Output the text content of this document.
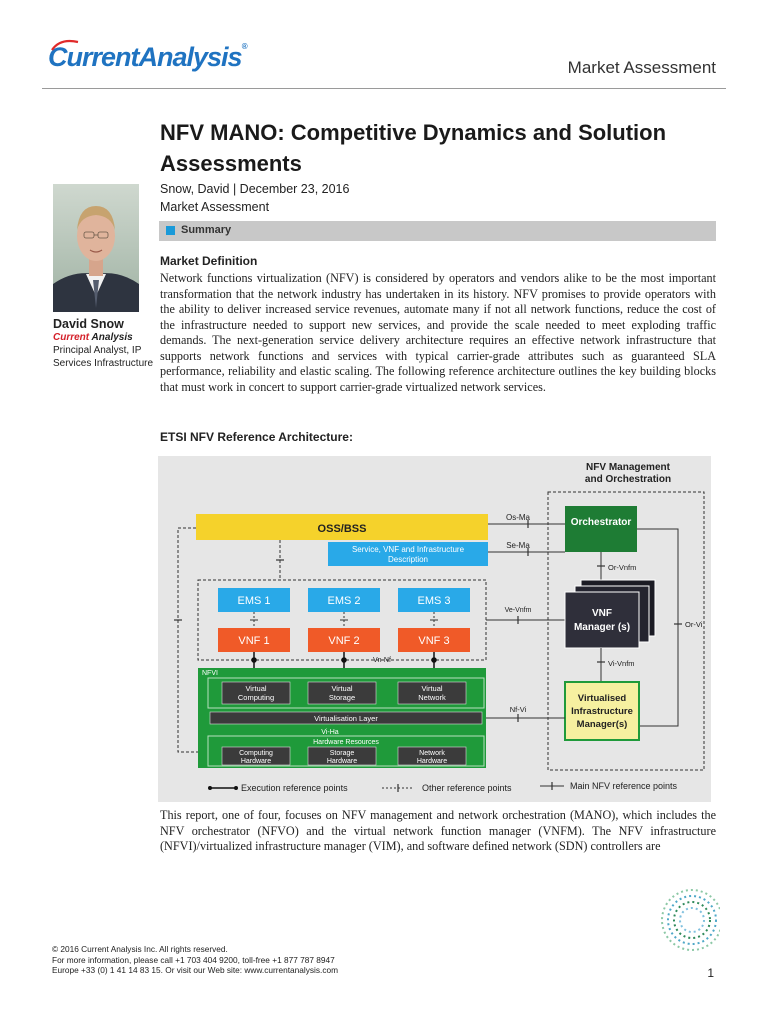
CurrentAnalysis®
Market Assessment
David Snow
Current Analysis
Principal Analyst, IP
Services Infrastructure
NFV MANO: Competitive Dynamics and Solution Assessments
Snow, David | December 23, 2016
Market Assessment
Summary
Market Definition
Network functions virtualization (NFV) is considered by operators and vendors alike to be the most important transformation that the network industry has undertaken in its history. NFV promises to provide operators with the ability to deliver increased service revenues, automate many if not all network functions, reduce the cost of the infrastructure needed to support new services, and provide the scale needed to meet exploding traffic demands. The next-generation service delivery architecture requires an effective network infrastructure that supports network functions and services with typical carrier-grade attributes such as guaranteed SLA performance, reliability and elastic scaling. The following reference architecture outlines the key building blocks that must work in concert to support carrier-grade virtualized network services.
ETSI NFV Reference Architecture:
NFV Management
and Orchestration
OSS/BSS
Service, VNF and Infrastructure
Description
Orchestrator
Os-Ma
Se-Ma
EMS 1	EMS 2	EMS 3
VNF 1	VNF 2	VNF 3
Vn-Nf
Ve-Vnfm
NFVI
Virtual
Computing
Virtual
Storage
Virtual
Network
Virtualisation Layer
Vi-Ha
Hardware Resources
Computing
Hardware
Storage
Hardware
Network
Hardware
Or-Vnfm
VNF
Manager (s)	Or-Vi
Vi-Vnfm
Virtualised
Infrastructure
Manager(s)
Nf-Vi
Execution reference points	Other reference points	Main NFV reference points
This report, one of four, focuses on NFV management and network orchestration (MANO), which includes the NFV orchestrator (NFVO) and the virtual network function manager (VNFM). The NFV infrastructure (NFVI)/virtualized infrastructure manager (VIM), and software defined network (SDN) controllers are
© 2016 Current Analysis Inc. All rights reserved.
For more information, please call +1 703 404 9200, toll-free +1 877 787 8947
Europe +33 (0) 1 41 14 83 15. Or visit our Web site: www.currentanalysis.com	1
